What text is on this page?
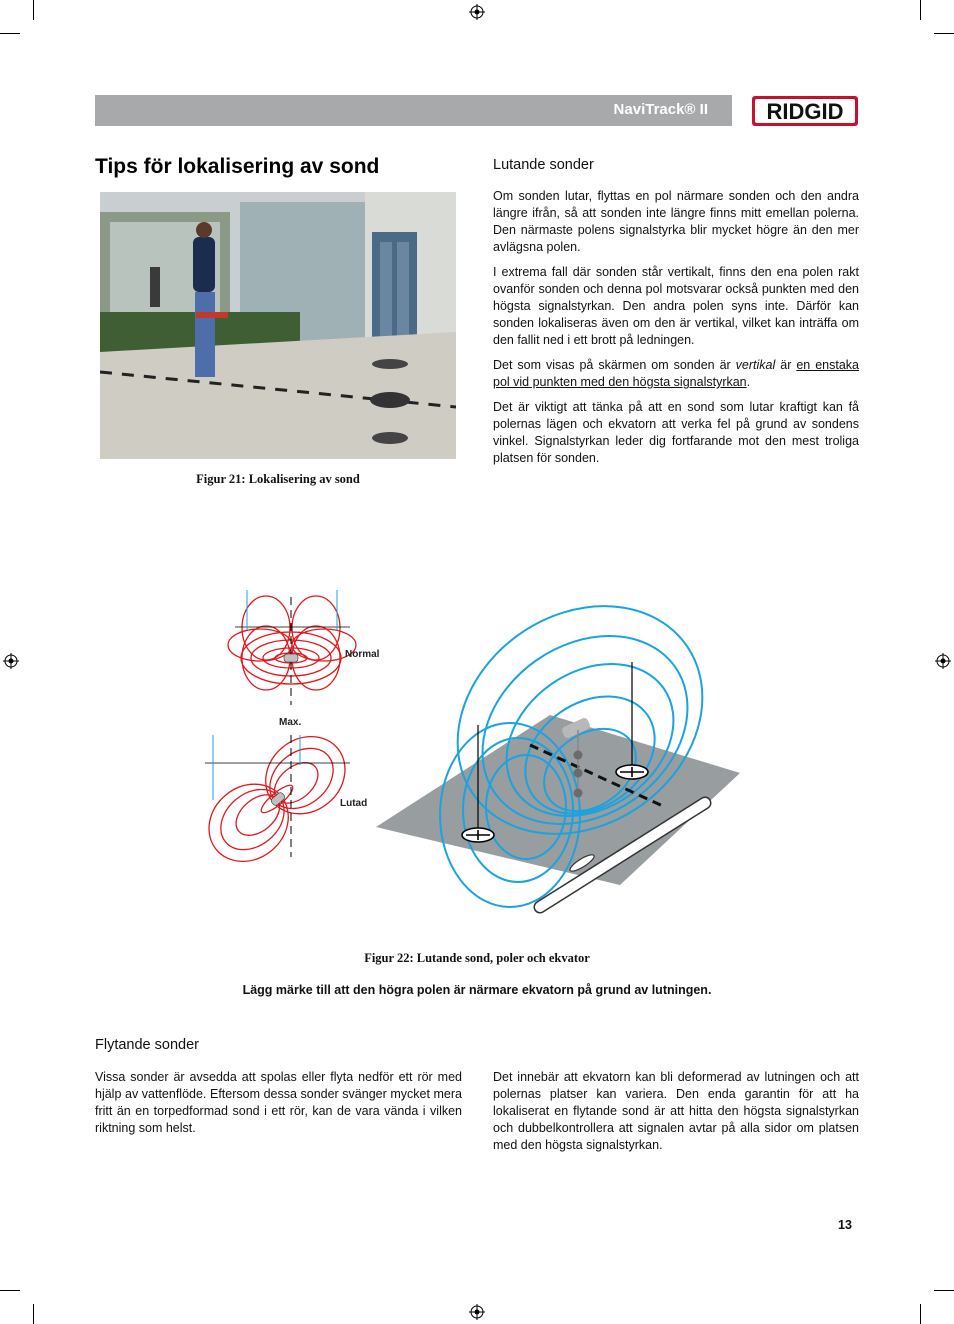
NaviTrack® II	RIDGID
Tips för lokalisering av sond
Figur 21: Lokalisering av sond
Lutande sonder

Om sonden lutar, flyttas en pol närmare sonden och den andra längre ifrån, så att sonden inte längre finns mitt emellan polerna. Den närmaste polens signalstyrka blir mycket högre än den mer avlägsna polen.

I extrema fall där sonden står vertikalt, finns den ena polen rakt ovanför sonden och denna pol motsvarar också punkten med den högsta signalstyrkan. Den andra polen syns inte. Därför kan sonden lokaliseras även om den är vertikal, vilket kan inträffa om den fallit ned i ett brott på ledningen.

Det som visas på skärmen om sonden är vertikal är en enstaka pol vid punkten med den högsta signalstyrkan.

Det är viktigt att tänka på att en sond som lutar kraftigt kan få polernas lägen och ekvatorn att verka fel på grund av sondens vinkel. Signalstyrkan leder dig fortfarande mot den mest troliga platsen för sonden.

Normal
Max.
Lutad
Figur 22: Lutande sond, poler och ekvator
Lägg märke till att den högra polen är närmare ekvatorn på grund av lutningen.
Flytande sonder
Vissa sonder är avsedda att spolas eller flyta nedför ett rör med hjälp av vattenflöde. Eftersom dessa sonder svänger mycket mera fritt än en torpedformad sond i ett rör, kan de vara vända i vilken riktning som helst.
Det innebär att ekvatorn kan bli deformerad av lutningen och att polernas platser kan variera. Den enda garantin för att ha lokaliserat en flytande sond är att hitta den högsta signalstyrkan och dubbelkontrollera att signalen avtar på alla sidor om platsen med den högsta signalstyrkan.
13
